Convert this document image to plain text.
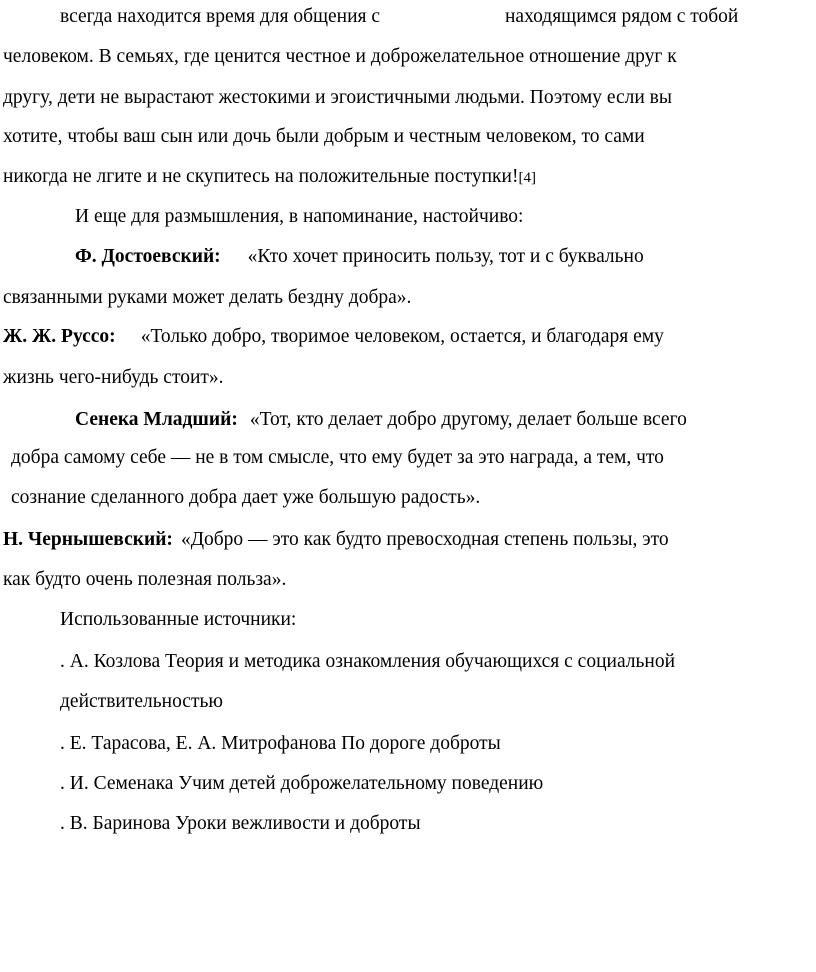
всегда находится время для общения с	находящимся рядом с тобой

человеком. В семьях, где ценится честное и доброжелательное отношение друг к

другу, дети не вырастают жестокими и эгоистичными людьми. Поэтому если вы

хотите, чтобы ваш сын или дочь были добрым и честным человеком, то сами

никогда не лгите и не скупитесь на положительные поступки![4]

И еще для размышления, в напоминание, настойчиво:

Ф. Достоевский: «Кто хочет приносить пользу, тот и с буквально

связанными руками может делать бездну добра».

Ж. Ж. Руссо: «Только добро, творимое человеком, остается, и благодаря ему

жизнь чего-нибудь стоит».

Сенека Младший: «Тот, кто делает добро другому, делает больше всего

добра самому себе — не в том смысле, что ему будет за это награда, а тем, что

сознание сделанного добра дает уже большую радость».

Н. Чернышевский: «Добро — это как будто превосходная степень пользы, это

как будто очень полезная польза».

Использованные источники:

. А. Козлова Теория и методика ознакомления обучающихся с социальной

действительностью

. Е. Тарасова, Е. А. Митрофанова По дороге доброты

. И. Семенака Учим детей доброжелательному поведению

. В. Баринова Уроки вежливости и доброты
